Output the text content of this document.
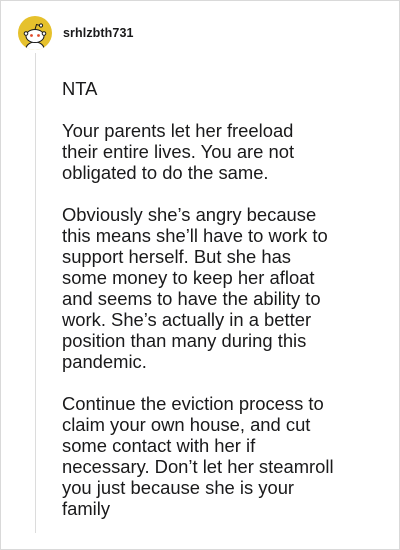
srhlzbth731

NTA

Your parents let her freeload
their entire lives. You are not
obligated to do the same.

Obviously she’s angry because
this means she’ll have to work to
support herself. But she has
some money to keep her afloat
and seems to have the ability to
work. She’s actually in a better
position than many during this
pandemic.

Continue the eviction process to
claim your own house, and cut
some contact with her if
necessary. Don’t let her steamroll
you just because she is your
family
